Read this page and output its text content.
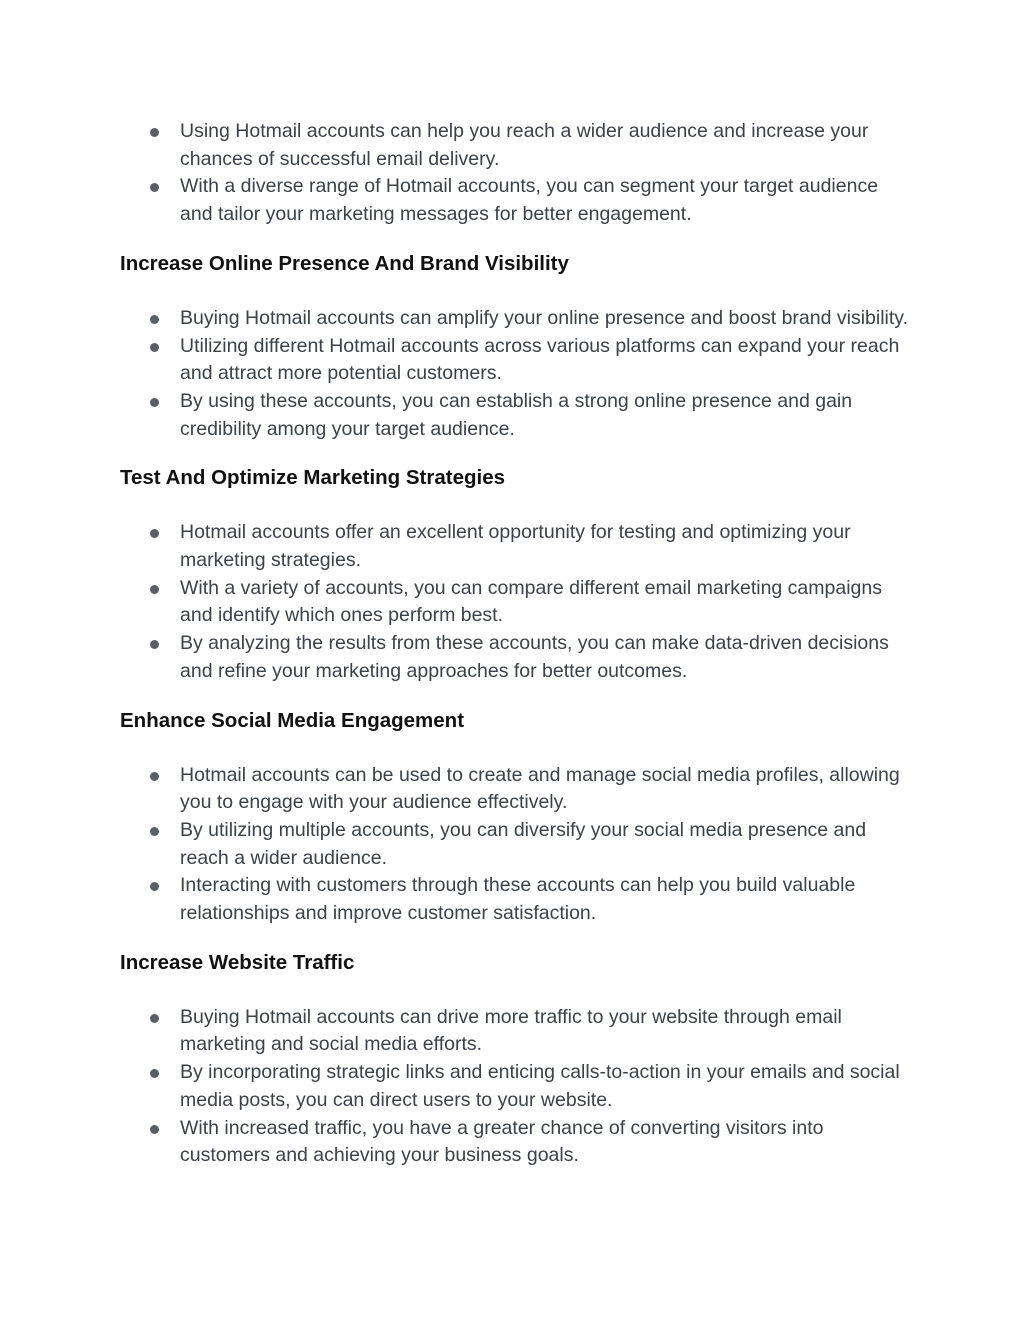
Using Hotmail accounts can help you reach a wider audience and increase your chances of successful email delivery.
With a diverse range of Hotmail accounts, you can segment your target audience and tailor your marketing messages for better engagement.
Increase Online Presence And Brand Visibility
Buying Hotmail accounts can amplify your online presence and boost brand visibility.
Utilizing different Hotmail accounts across various platforms can expand your reach and attract more potential customers.
By using these accounts, you can establish a strong online presence and gain credibility among your target audience.
Test And Optimize Marketing Strategies
Hotmail accounts offer an excellent opportunity for testing and optimizing your marketing strategies.
With a variety of accounts, you can compare different email marketing campaigns and identify which ones perform best.
By analyzing the results from these accounts, you can make data-driven decisions and refine your marketing approaches for better outcomes.
Enhance Social Media Engagement
Hotmail accounts can be used to create and manage social media profiles, allowing you to engage with your audience effectively.
By utilizing multiple accounts, you can diversify your social media presence and reach a wider audience.
Interacting with customers through these accounts can help you build valuable relationships and improve customer satisfaction.
Increase Website Traffic
Buying Hotmail accounts can drive more traffic to your website through email marketing and social media efforts.
By incorporating strategic links and enticing calls-to-action in your emails and social media posts, you can direct users to your website.
With increased traffic, you have a greater chance of converting visitors into customers and achieving your business goals.
